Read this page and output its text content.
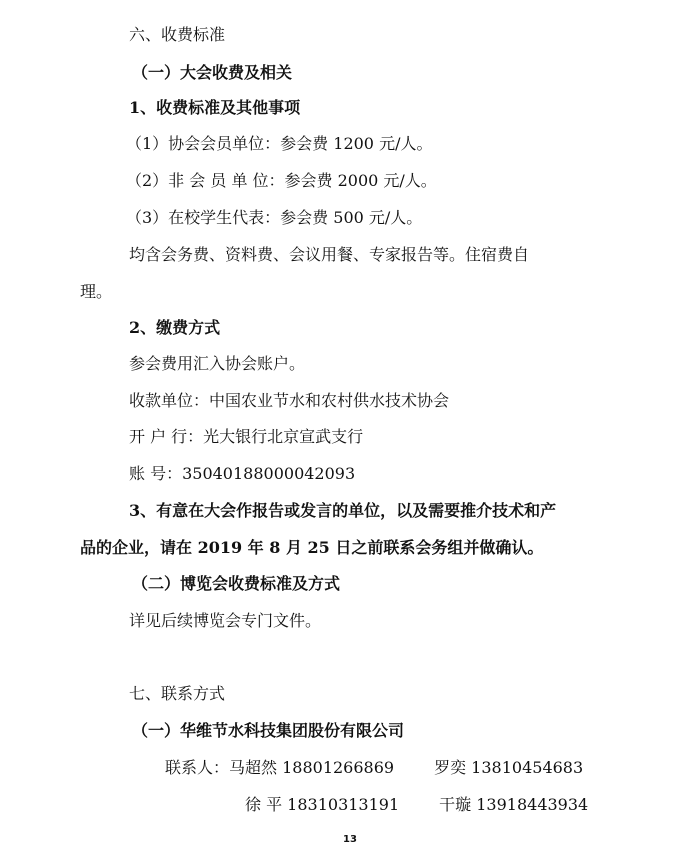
六、收费标准
（一）大会收费及相关
1、收费标准及其他事项
（1）协会会员单位：参会费 1200 元/人。
（2）非 会 员 单 位：参会费 2000 元/人。
（3）在校学生代表：参会费 500 元/人。
均含会务费、资料费、会议用餐、专家报告等。住宿费自
理。
2、缴费方式
参会费用汇入协会账户。
收款单位：中国农业节水和农村供水技术协会
开 户 行：光大银行北京宣武支行
账 号：35040188000042093
3、有意在大会作报告或发言的单位，以及需要推介技术和产
品的企业，请在 2019 年 8 月 25 日之前联系会务组并做确认。
（二）博览会收费标准及方式
详见后续博览会专门文件。
七、联系方式
（一）华维节水科技集团股份有限公司
联系人：马超然 18801266869	罗奕 13810454683
徐 平 18310313191	干璇 13918443934
13
